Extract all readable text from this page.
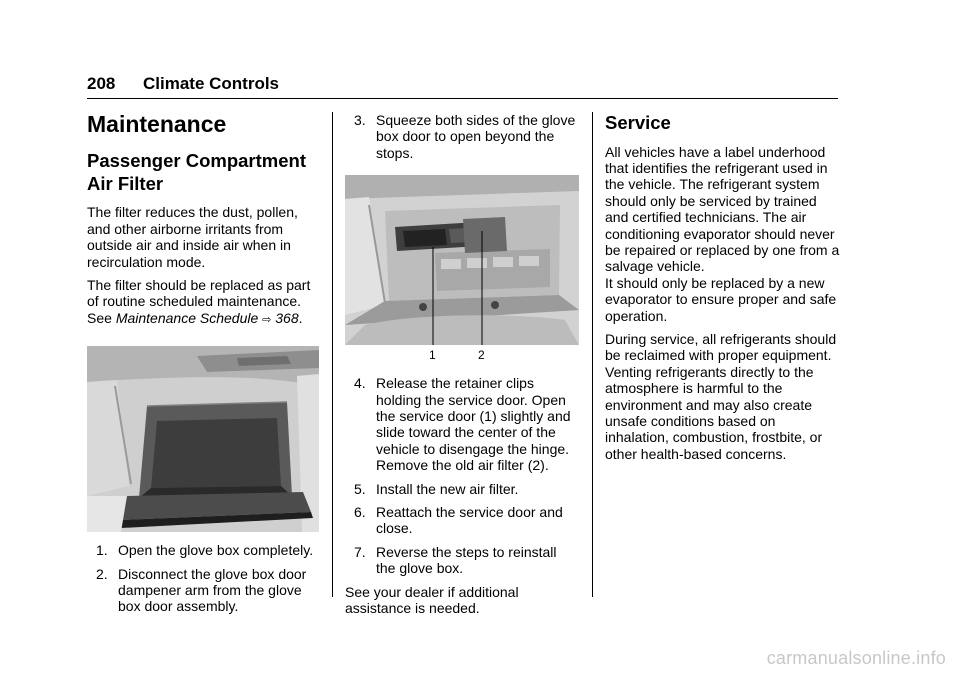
208 Climate Controls
Maintenance
Passenger Compartment
Air Filter

The filter reduces the dust, pollen, and other airborne irritants from outside air and inside air when in recirculation mode.

The filter should be replaced as part of routine scheduled maintenance. See Maintenance Schedule ⇨ 368.

1. Open the glove box completely.
2. Disconnect the glove box door dampener arm from the glove box door assembly.
3. Squeeze both sides of the glove box door to open beyond the stops.
1	2
4. Release the retainer clips holding the service door. Open the service door (1) slightly and slide toward the center of the vehicle to disengage the hinge. Remove the old air filter (2).
5. Install the new air filter.
6. Reattach the service door and close.
7. Reverse the steps to reinstall the glove box.

See your dealer if additional assistance is needed.

Service

All vehicles have a label underhood that identifies the refrigerant used in the vehicle. The refrigerant system should only be serviced by trained and certified technicians. The air conditioning evaporator should never be repaired or replaced by one from a salvage vehicle.

It should only be replaced by a new evaporator to ensure proper and safe operation.

During service, all refrigerants should be reclaimed with proper equipment. Venting refrigerants directly to the atmosphere is harmful to the environment and may also create unsafe conditions based on inhalation, combustion, frostbite, or other health-based concerns.

carmanualsonline.info
